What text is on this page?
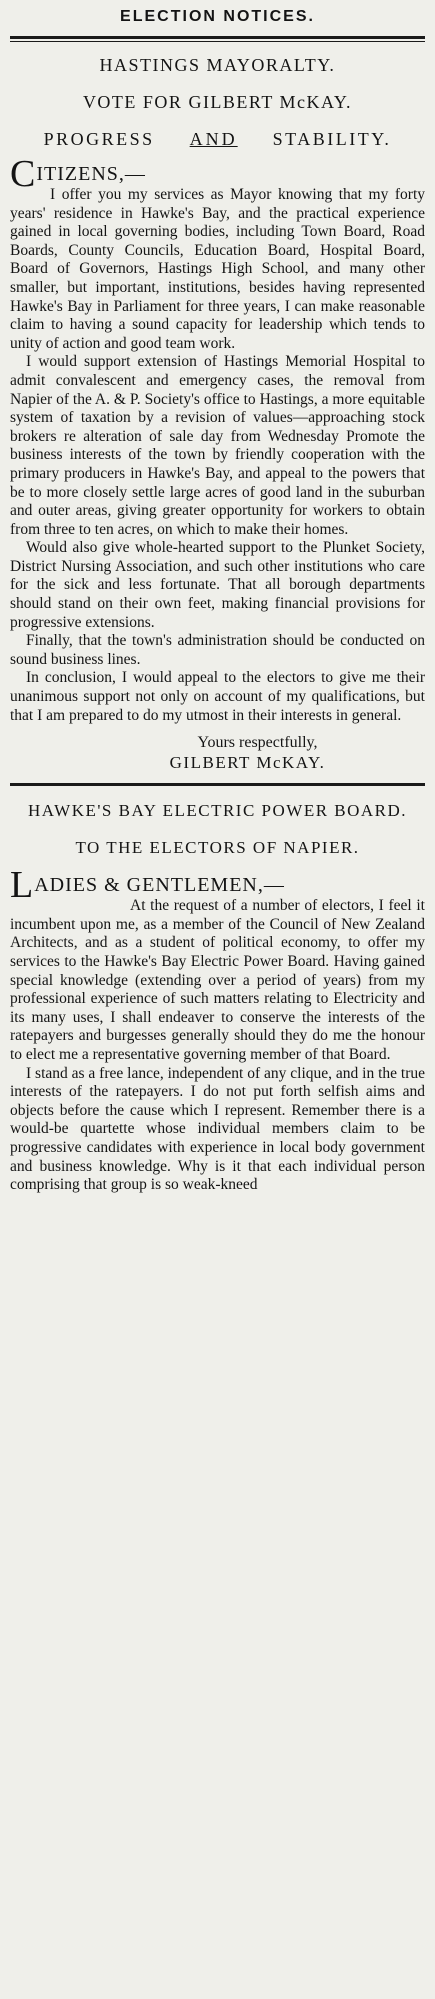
ELECTION NOTICES.

HASTINGS MAYORALTY.

VOTE FOR GILBERT McKAY.

PROGRESS AND STABILITY.

CITIZENS,—

I offer you my services as Mayor knowing that my forty years' residence in Hawke's Bay, and the practical experience gained in local governing bodies, including Town Board, Road Boards, County Councils, Education Board, Hospital Board, Board of Governors, Hastings High School, and many other smaller, but important, institutions, besides having represented Hawke's Bay in Parliament for three years, I can make reasonable claim to having a sound capacity for leadership which tends to unity of action and good team work.

I would support extension of Hastings Memorial Hospital to admit convalescent and emergency cases, the removal from Napier of the A. & P. Society's office to Hastings, a more equitable system of taxation by a revision of values—approaching stock brokers re alteration of sale day from Wednesday Promote the business interests of the town by friendly cooperation with the primary producers in Hawke's Bay, and appeal to the powers that be to more closely settle large acres of good land in the suburban and outer areas, giving greater opportunity for workers to obtain from three to ten acres, on which to make their homes.

Would also give whole-hearted support to the Plunket Society, District Nursing Association, and such other institutions who care for the sick and less fortunate. That all borough departments should stand on their own feet, making financial provisions for progressive extensions.

Finally, that the town's administration should be conducted on sound business lines.

In conclusion, I would appeal to the electors to give me their unanimous support not only on account of my qualifications, but that I am prepared to do my utmost in their interests in general.

Yours respectfully,
GILBERT McKAY.

HAWKE'S BAY ELECTRIC POWER BOARD.

TO THE ELECTORS OF NAPIER.

LADIES & GENTLEMEN,—

At the request of a number of electors, I feel it incumbent upon me, as a member of the Council of New Zealand Architects, and as a student of political economy, to offer my services to the Hawke's Bay Electric Power Board. Having gained special knowledge (extending over a period of years) from my professional experience of such matters relating to Electricity and its many uses, I shall endeaver to conserve the interests of the ratepayers and burgesses generally should they do me the honour to elect me a representative governing member of that Board.

I stand as a free lance, independent of any clique, and in the true interests of the ratepayers. I do not put forth selfish aims and objects before the cause which I represent. Remember there is a would-be quartette whose individual members claim to be progressive candidates with experience in local body government and business knowledge. Why is it that each individual person comprising that group is so weak-kneed
